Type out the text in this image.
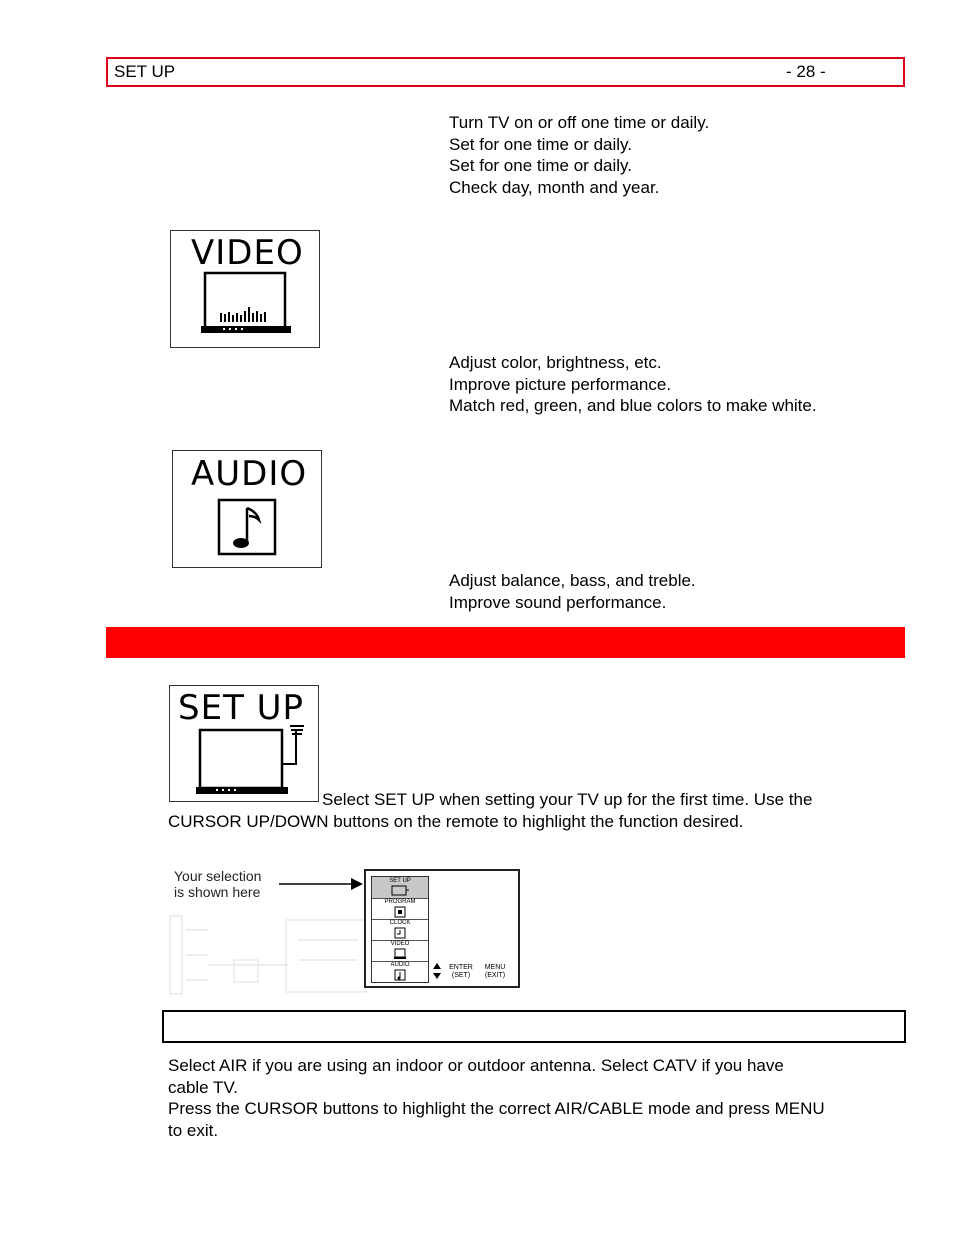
SET UP	- 28 -
Turn TV on or off one time or daily.
Set for one time or daily.
Set for one time or daily.
Check day, month and year.
VIDEO
Adjust color, brightness, etc.
Improve picture performance.
Match red, green, and blue colors to make white.
AUDIO
Adjust balance, bass, and treble.
Improve sound performance.
SET UP
Select SET UP when setting your TV up for the first time. Use the
CURSOR UP/DOWN buttons on the remote to highlight the function desired.
Your selection
is shown here
SET UP
PROGRAM
CLOCK
VIDEO
AUDIO	ENTER
(SET)
MENU
(EXIT)
Select AIR if you are using an indoor or outdoor antenna. Select CATV if you have
cable TV.
Press the CURSOR buttons to highlight the correct AIR/CABLE mode and press MENU
to exit.
